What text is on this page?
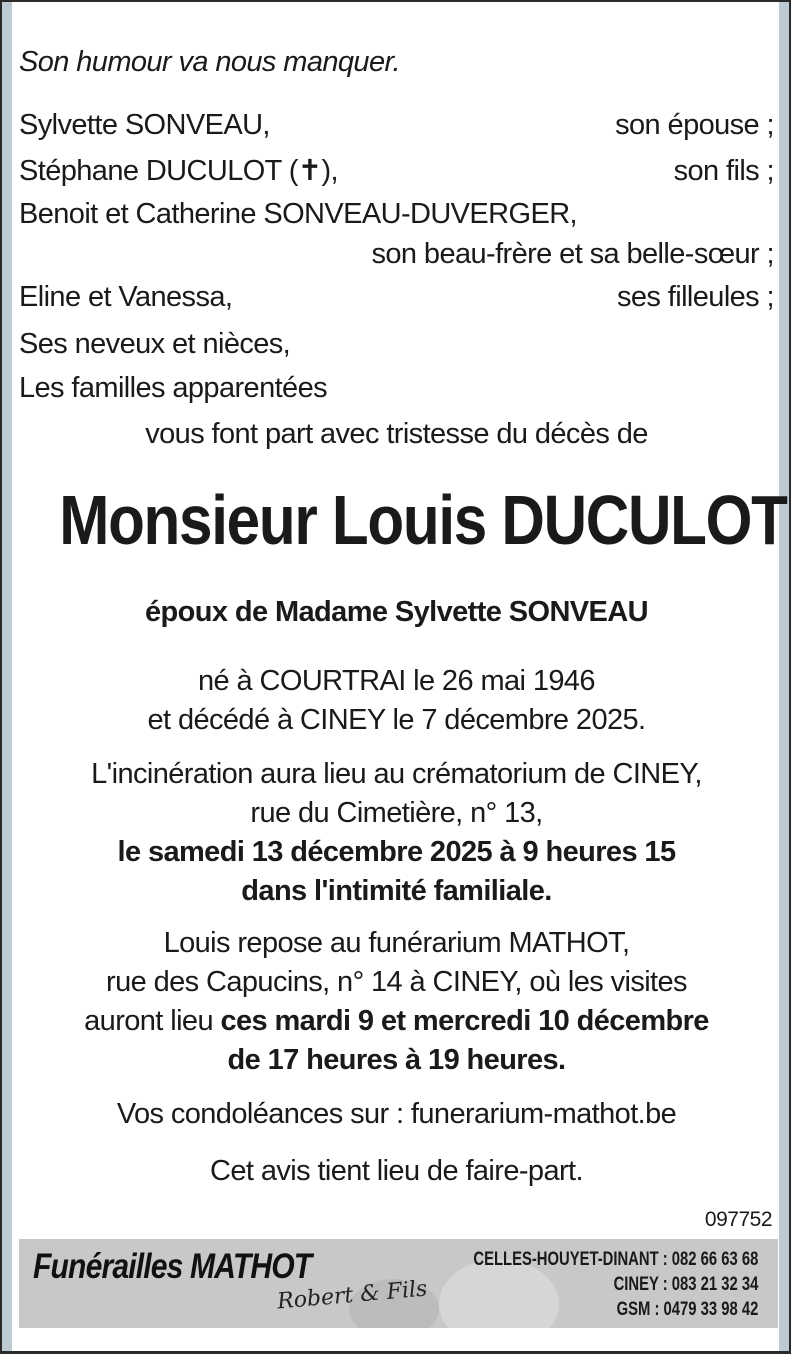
Son humour va nous manquer.
Sylvette SONVEAU,	son épouse ;
Stéphane DUCULOT (✝),	son fils ;
Benoit et Catherine SONVEAU-DUVERGER,
son beau-frère et sa belle-sœur ;
Eline et Vanessa,	ses filleules ;
Ses neveux et nièces,
Les familles apparentées
vous font part avec tristesse du décès de
Monsieur Louis DUCULOT
époux de Madame Sylvette SONVEAU
né à COURTRAI le 26 mai 1946
et décédé à CINEY le 7 décembre 2025.
L'incinération aura lieu au crématorium de CINEY,
rue du Cimetière, n° 13,
le samedi 13 décembre 2025 à 9 heures 15
dans l'intimité familiale.
Louis repose au funérarium MATHOT,
rue des Capucins, n° 14 à CINEY, où les visites
auront lieu ces mardi 9 et mercredi 10 décembre
de 17 heures à 19 heures.
Vos condoléances sur : funerarium-mathot.be
Cet avis tient lieu de faire-part.
097752
Funérailles MATHOT
Robert & Fils
CELLES-HOUYET-DINANT : 082 66 63 68
CINEY : 083 21 32 34
GSM : 0479 33 98 42
